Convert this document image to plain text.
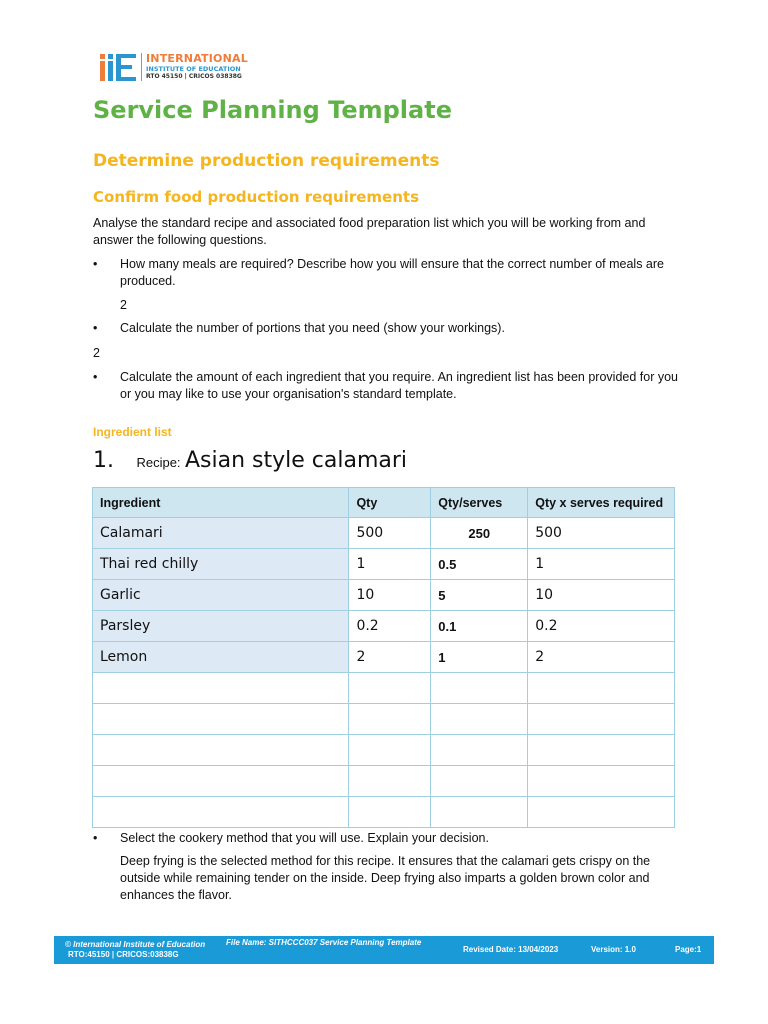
INTERNATIONAL
INSTITUTE OF EDUCATION
RTO 45150 | CRICOS 03838G
Service Planning Template
Determine production requirements
Confirm food production requirements

Analyse the standard recipe and associated food preparation list which you will be working from and answer the following questions.

• How many meals are required? Describe how you will ensure that the correct number of meals are produced.

2

• Calculate the number of portions that you need (show your workings).

2

• Calculate the amount of each ingredient that you require. An ingredient list has been provided for you or you may like to use your organisation's standard template.

Ingredient list
1. Recipe: Asian style calamari
Ingredient	Qty	Qty/serves	Qty x serves required
Calamari	500	250	500
Thai red chilly	1	0.5	1
Garlic	10	5	10
Parsley	0.2	0.1	0.2
Lemon	2	1	2

• Select the cookery method that you will use. Explain your decision.

Deep frying is the selected method for this recipe. It ensures that the calamari gets crispy on the outside while remaining tender on the inside. Deep frying also imparts a golden brown color and enhances the flavor.

© International Institute of Education
RTO:45150 | CRICOS:03838G
File Name: SITHCCC037 Service Planning Template
Revised Date: 13/04/2023	Version: 1.0	Page:1
